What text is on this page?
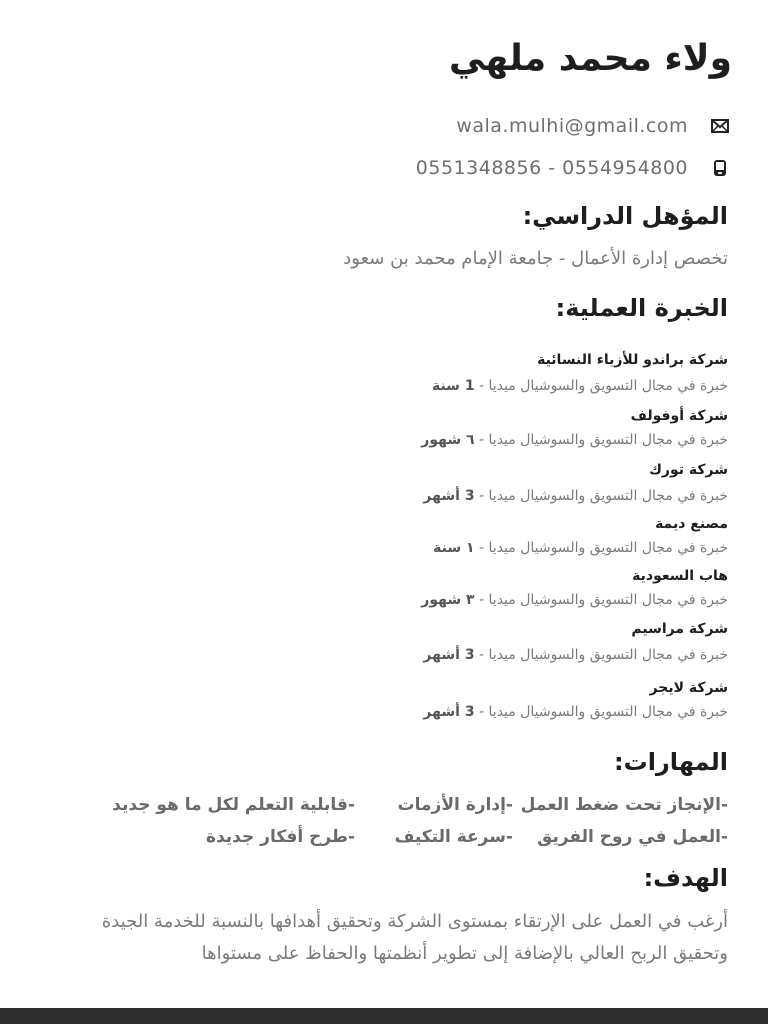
ولاء محمد ملهي
wala.mulhi@gmail.com
0551348856 - 0554954800
المؤهل الدراسي:
تخصص إدارة الأعمال - جامعة الإمام محمد بن سعود
الخبرة العملية:
شركة براندو للأزياء النسائية
خبرة في مجال التسويق والسوشيال ميديا - 1 سنة
شركة أوفولف
خبرة في مجال التسويق والسوشيال ميديا - ٦ شهور
شركة تورك
خبرة في مجال التسويق والسوشيال ميديا - 3 أشهر
مصنع ديمة
خبرة في مجال التسويق والسوشيال ميديا - ١ سنة
هاب السعودية
خبرة في مجال التسويق والسوشيال ميديا - ٣ شهور
شركة مراسيم
خبرة في مجال التسويق والسوشيال ميديا - 3 أشهر
شركة لايجر
خبرة في مجال التسويق والسوشيال ميديا - 3 أشهر
المهارات:
-الإنجاز تحت ضغط العمل
-إدارة الأزمات
-قابلية التعلم لكل ما هو جديد
-العمل في روح الفريق
-سرعة التكيف
-طرح أفكار جديدة
الهدف:
أرغب في العمل على الإرتقاء بمستوى الشركة وتحقيق أهدافها بالنسبة للخدمة الجيدة وتحقيق الربح العالي بالإضافة إلى تطوير أنظمتها والحفاظ على مستواها
